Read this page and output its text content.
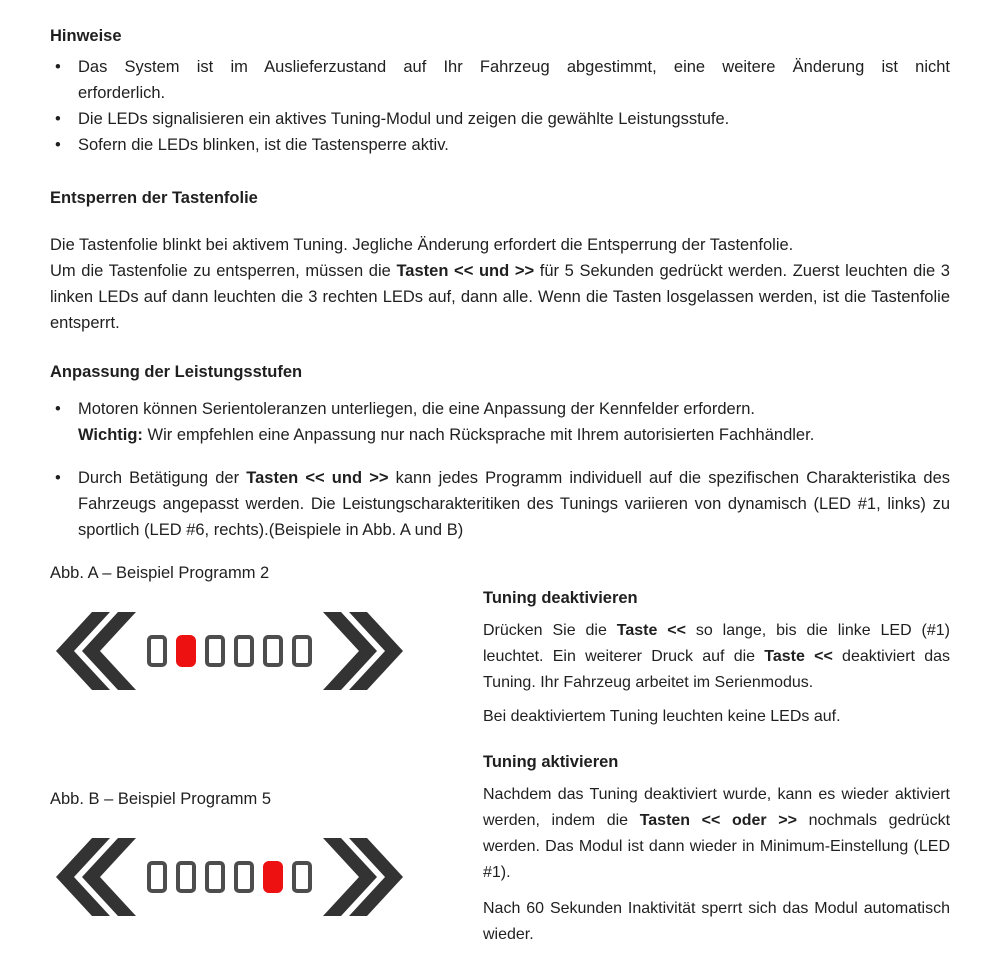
Hinweise
•	Das System ist im Auslieferzustand auf Ihr Fahrzeug abgestimmt, eine weitere Änderung ist nicht
erforderlich.
•	Die LEDs signalisieren ein aktives Tuning-Modul und zeigen die gewählte Leistungsstufe.
•	Sofern die LEDs blinken, ist die Tastensperre aktiv.
Entsperren der Tastenfolie

Die Tastenfolie blinkt bei aktivem Tuning. Jegliche Änderung erfordert die Entsperrung der Tastenfolie.
Um die Tastenfolie zu entsperren, müssen die Tasten << und >> für 5 Sekunden gedrückt werden. Zuerst leuchten die 3 linken LEDs auf dann leuchten die 3 rechten LEDs auf, dann alle. Wenn die Tasten losgelassen werden, ist die Tastenfolie entsperrt.

Anpassung der Leistungsstufen
•	Motoren können Serientoleranzen unterliegen, die eine Anpassung der Kennfelder erfordern.
Wichtig: Wir empfehlen eine Anpassung nur nach Rücksprache mit Ihrem autorisierten Fachhändler.
•	Durch Betätigung der Tasten << und >> kann jedes Programm individuell auf die spezifischen Charakteristika des Fahrzeugs angepasst werden. Die Leistungscharakteritiken des Tunings variieren von dynamisch (LED #1, links) zu sportlich (LED #6, rechts).(Beispiele in Abb. A und B)
Abb. A – Beispiel Programm 2
Abb. B – Beispiel Programm 5
Tuning deaktivieren

Drücken Sie die Taste << so lange, bis die linke LED (#1) leuchtet. Ein weiterer Druck auf die Taste << deaktiviert das Tuning. Ihr Fahrzeug arbeitet im Serienmodus.

Bei deaktiviertem Tuning leuchten keine LEDs auf.

Tuning aktivieren

Nachdem das Tuning deaktiviert wurde, kann es wieder aktiviert werden, indem die Tasten << oder >> nochmals gedrückt werden. Das Modul ist dann wieder in Minimum-Einstellung (LED #1).

Nach 60 Sekunden Inaktivität sperrt sich das Modul automatisch wieder.
